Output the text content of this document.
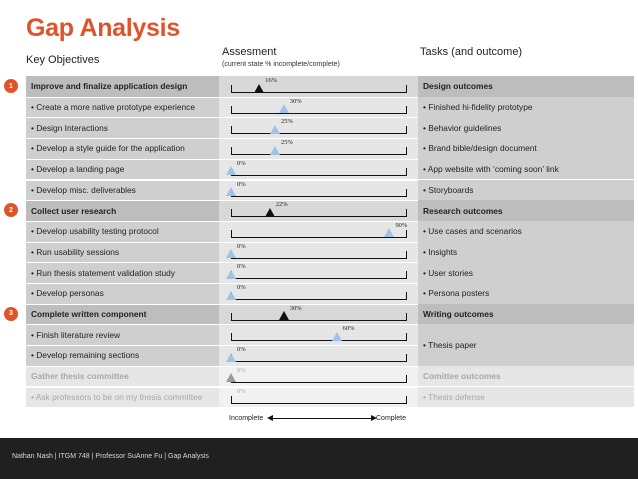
Gap Analysis
Key Objectives
Assesment
(current state % incomplete/complete)
Tasks (and outcome)
Improve and finalize application design	Design outcomes
16%
• Create a more native prototype experience	• Finished hi-fidelity prototype
30%
• Design Interactions	• Behavior guidelines
25%
• Develop a style guide for the application	• Brand bible/design document
25%
• Develop a landing page	• App website with ‘coming soon’ link
0%
• Develop misc. deliverables	• Storyboards
0%
Collect user research	Research outcomes
22%
• Develop usability testing protocol	• Use cases and scenarios
90%
• Run usability sessions	• Insights
0%
• Run thesis statement validation study	• User stories
0%
• Develop personas	• Persona posters
0%
Complete written component	Writing outcomes
30%
• Finish literature review
• Thesis paper
60%
• Develop remaining sections
0%
Gather thesis committee	Comittee outcomes
0%
• Ask professors to be on my thesis committee	• Thesis defense
0%
Incomplete	Complete
Nathan Nash | ITGM 748 | Professor SuAnne Fu | Gap Analysis
1
2
3
